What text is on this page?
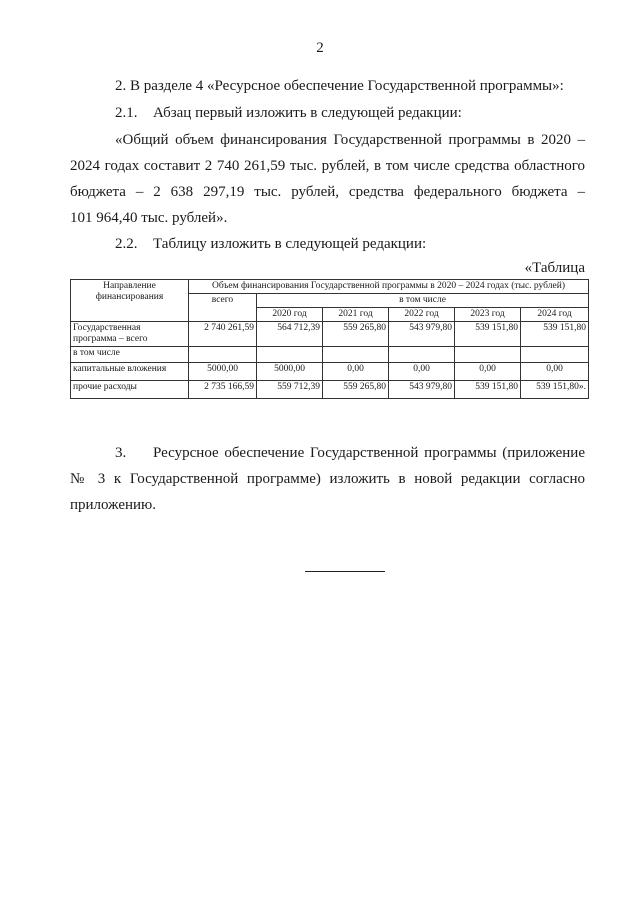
2
2. В разделе 4 «Ресурсное обеспечение Государственной программы»:
2.1. Абзац первый изложить в следующей редакции:
«Общий объем финансирования Государственной программы в 2020 –
2024 годах составит 2 740 261,59 тыс. рублей, в том числе средства областного
бюджета – 2 638 297,19 тыс. рублей, средства федерального бюджета –
101 964,40 тыс. рублей».
2.2. Таблицу изложить в следующей редакции:
«Таблица
Направление финансирования	Объем финансирования Государственной программы в 2020 – 2024 годах (тыс. рублей)					
	всего	в том числе				
		2020 год	2021 год	2022 год	2023 год	2024 год
Государственная программа – всего	2 740 261,59	564 712,39	559 265,80	543 979,80	539 151,80	539 151,80
в том числе						
капитальные вложения	5000,00	5000,00	0,00	0,00	0,00	0,00
прочие расходы	2 735 166,59	559 712,39	559 265,80	543 979,80	539 151,80	539 151,80».
3. Ресурсное обеспечение Государственной программы (приложение
№ 3 к Государственной программе) изложить в новой редакции согласно
приложению.
